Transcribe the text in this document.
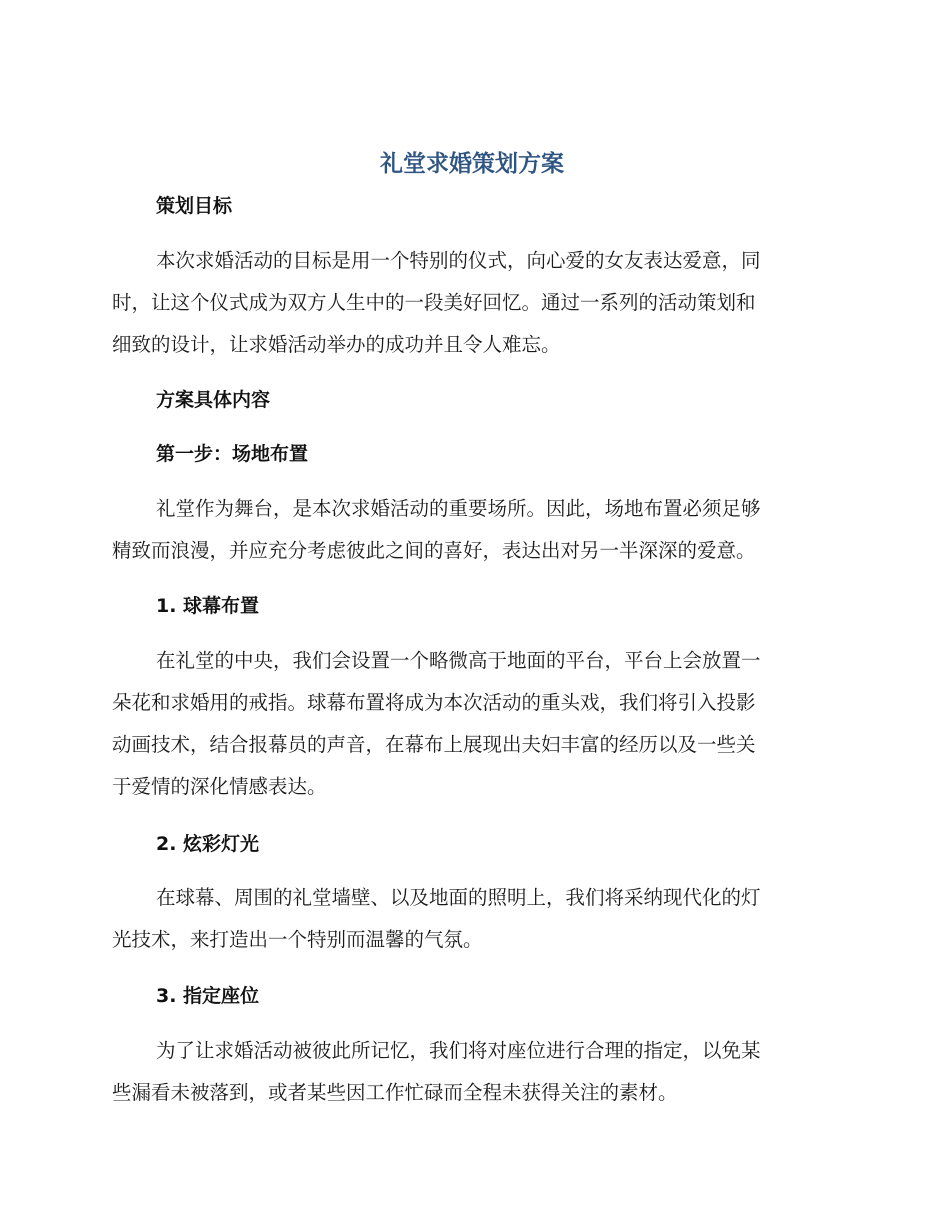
礼堂求婚策划方案
策划目标

本次求婚活动的目标是用一个特别的仪式，向心爱的女友表达爱意，同
时，让这个仪式成为双方人生中的一段美好回忆。通过一系列的活动策划和
细致的设计，让求婚活动举办的成功并且令人难忘。

方案具体内容
第一步：场地布置

礼堂作为舞台，是本次求婚活动的重要场所。因此，场地布置必须足够
精致而浪漫，并应充分考虑彼此之间的喜好，表达出对另一半深深的爱意。

1. 球幕布置

在礼堂的中央，我们会设置一个略微高于地面的平台，平台上会放置一
朵花和求婚用的戒指。球幕布置将成为本次活动的重头戏，我们将引入投影
动画技术，结合报幕员的声音，在幕布上展现出夫妇丰富的经历以及一些关
于爱情的深化情感表达。

2. 炫彩灯光

在球幕、周围的礼堂墙壁、以及地面的照明上，我们将采纳现代化的灯
光技术，来打造出一个特别而温馨的气氛。

3. 指定座位

为了让求婚活动被彼此所记忆，我们将对座位进行合理的指定，以免某
些漏看未被落到，或者某些因工作忙碌而全程未获得关注的素材。
